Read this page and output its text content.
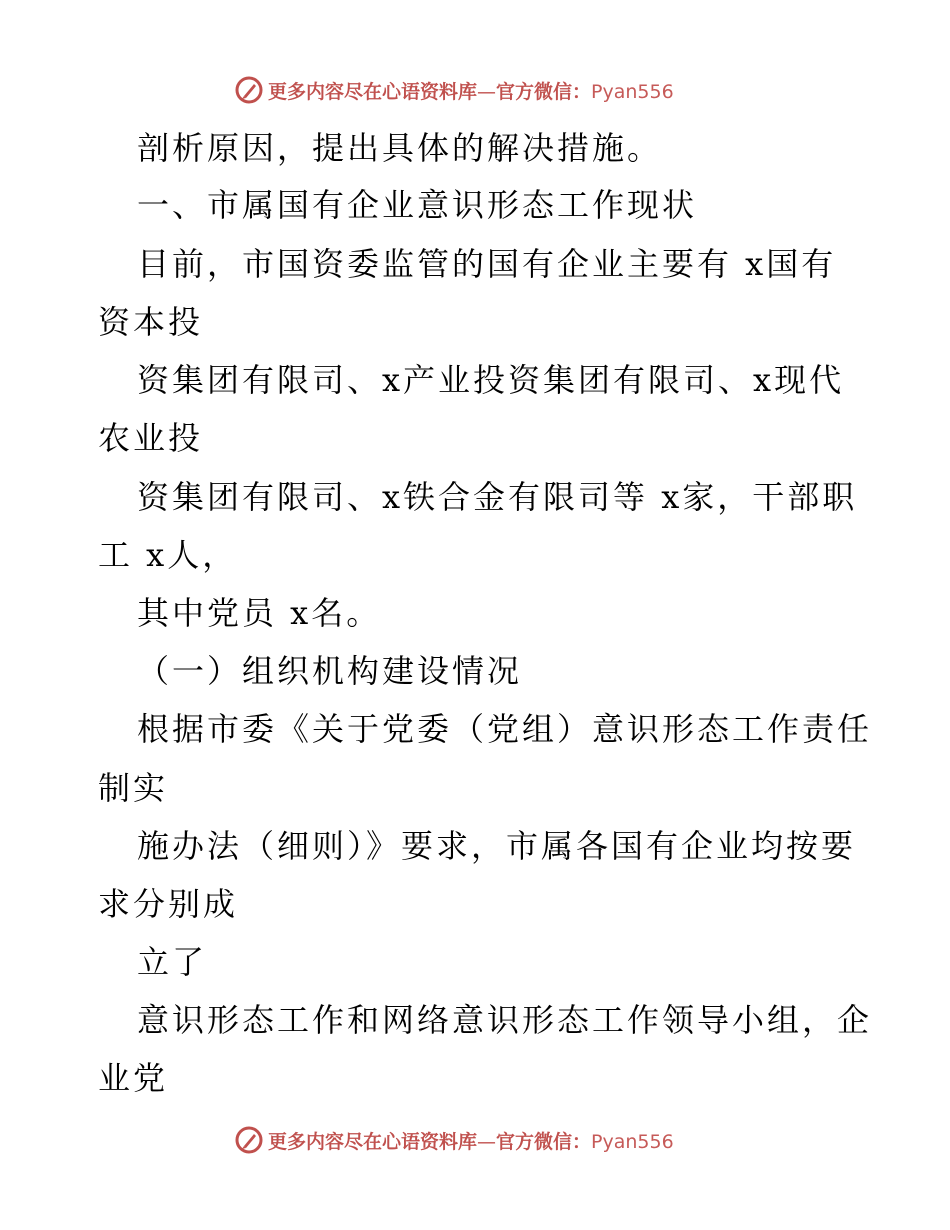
更多内容尽在心语资料库—官方微信：Pyan556
剖析原因，提出具体的解决措施。
一、市属国有企业意识形态工作现状
目前，市国资委监管的国有企业主要有 x国有
资本投
资集团有限司、x产业投资集团有限司、x现代
农业投
资集团有限司、x铁合金有限司等 x家，干部职
工 x人，
其中党员 x名。
（一）组织机构建设情况
根据市委《关于党委（党组）意识形态工作责任
制实
施办法（细则）》要求，市属各国有企业均按要
求分别成
立了
意识形态工作和网络意识形态工作领导小组，企
业党
更多内容尽在心语资料库—官方微信：Pyan556
